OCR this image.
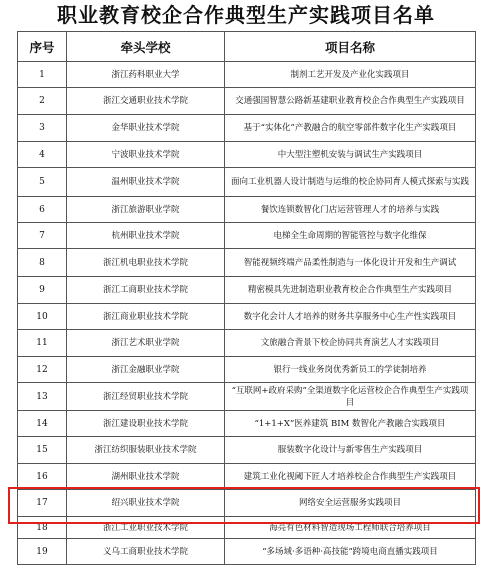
职业教育校企合作典型生产实践项目名单
序号	牵头学校	项目名称
1	浙江药科职业大学	制剂工艺开发及产业化实践项目
2	浙江交通职业技术学院	交通强国智慧公路新基建职业教育校企合作典型生产实践项目
3	金华职业技术学院	基于“实体化”产教融合的航空零部件数字化生产实践项目
4	宁波职业技术学院	中大型注塑机安装与调试生产实践项目
5	温州职业技术学院	面向工业机器人设计制造与运维的校企协同育人模式探索与实践
6	浙江旅游职业学院	餐饮连锁数智化门店运营管理人才的培养与实践
7	杭州职业技术学院	电梯全生命周期的智能管控与数字化维保
8	浙江机电职业技术学院	智能视频终端产品柔性制造与一体化设计开发和生产调试
9	浙江工商职业技术学院	精密模具先进制造职业教育校企合作典型生产实践项目
10	浙江商业职业技术学院	数字化会计人才培养的财务共享服务中心生产性实践项目
11	浙江艺术职业学院	文旅融合背景下校企协同共育演艺人才实践项目
12	浙江金融职业学院	银行一线业务岗优秀新员工的学徒制培养
13	浙江经贸职业技术学院	“互联网+政府采购”全渠道数字化运营校企合作典型生产实践项目
14	浙江建设职业技术学院	“1+1+X”医养建筑 BIM 数智化产教融合实践项目
15	浙江纺织服装职业技术学院	服装数字化设计与新零售生产实践项目
16	湖州职业技术学院	建筑工业化视阈下匠人才培养校企合作典型生产实践项目
17	绍兴职业技术学院	网络安全运营服务实践项目
18	浙江工业职业技术学院	海亮有色材料智造现场工程师联合培养项目
19	义乌工商职业技术学院	“多场域·多语种·高技能”跨境电商直播实践项目
